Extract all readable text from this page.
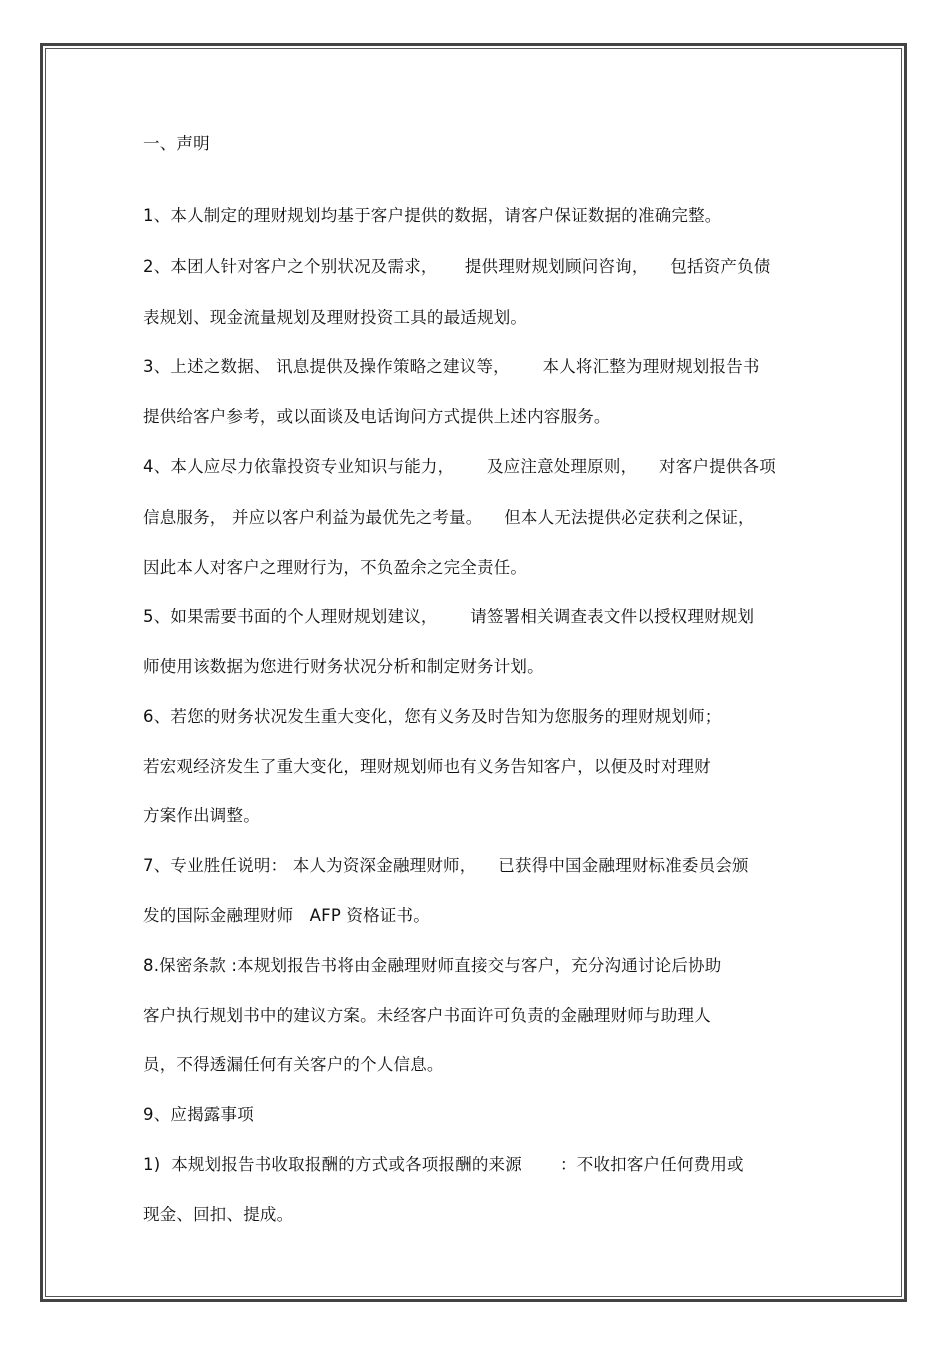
一、声明
1、本人制定的理财规划均基于客户提供的数据，请客户保证数据的准确完整。
2、本团人针对客户之个别状况及需求，     提供理财规划顾问咨询，    包括资产负债
表规划、现金流量规划及理财投资工具的最适规划。
3、上述之数据、 讯息提供及操作策略之建议等，      本人将汇整为理财规划报告书
提供给客户参考，或以面谈及电话询问方式提供上述内容服务。
4、本人应尽力依靠投资专业知识与能力，      及应注意处理原则，    对客户提供各项
信息服务， 并应以客户利益为最优先之考量。    但本人无法提供必定获利之保证，
因此本人对客户之理财行为，不负盈余之完全责任。
5、如果需要书面的个人理财规划建议，      请签署相关调查表文件以授权理财规划
师使用该数据为您进行财务状况分析和制定财务计划。
6、若您的财务状况发生重大变化，您有义务及时告知为您服务的理财规划师；
若宏观经济发生了重大变化，理财规划师也有义务告知客户，以便及时对理财
方案作出调整。
7、专业胜任说明： 本人为资深金融理财师，    已获得中国金融理财标准委员会颁
发的国际金融理财师   AFP 资格证书。
8.保密条款 :本规划报告书将由金融理财师直接交与客户，充分沟通讨论后协助
客户执行规划书中的建议方案。未经客户书面许可负责的金融理财师与助理人
员，不得透漏任何有关客户的个人信息。
9、应揭露事项
1)  本规划报告书收取报酬的方式或各项报酬的来源       ：不收扣客户任何费用或
现金、回扣、提成。
